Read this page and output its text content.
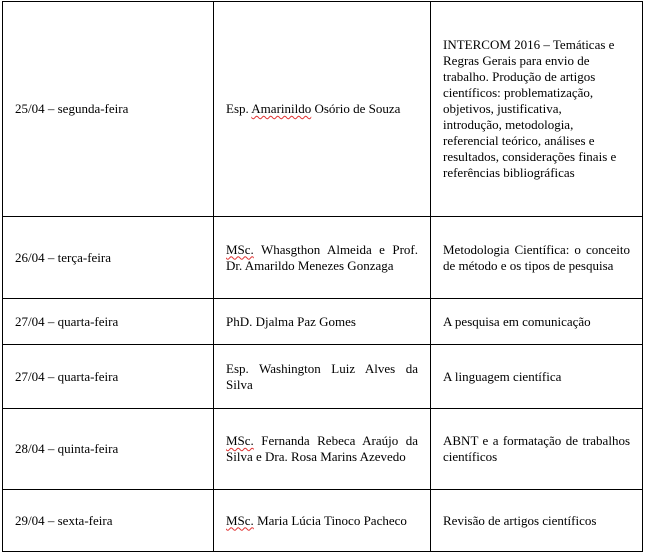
25/04 – segunda-feira	Esp. Amarinildo Osório de Souza	INTERCOM 2016 – Temáticas e Regras Gerais para envio de trabalho. Produção de artigos científicos: problematização, objetivos, justificativa, introdução, metodologia, referencial teórico, análises e resultados, considerações finais e referências bibliográficas
26/04 – terça-feira	MSc. Whasgthon Almeida e Prof. Dr. Amarildo Menezes Gonzaga	Metodologia Científica: o conceito de método e os tipos de pesquisa
27/04 – quarta-feira	PhD. Djalma Paz Gomes	A pesquisa em comunicação
27/04 – quarta-feira	Esp. Washington Luiz Alves da Silva	A linguagem científica
28/04 – quinta-feira	MSc. Fernanda Rebeca Araújo da Silva e Dra. Rosa Marins Azevedo	ABNT e a formatação de trabalhos científicos
29/04 – sexta-feira	MSc. Maria Lúcia Tinoco Pacheco	Revisão de artigos científicos
